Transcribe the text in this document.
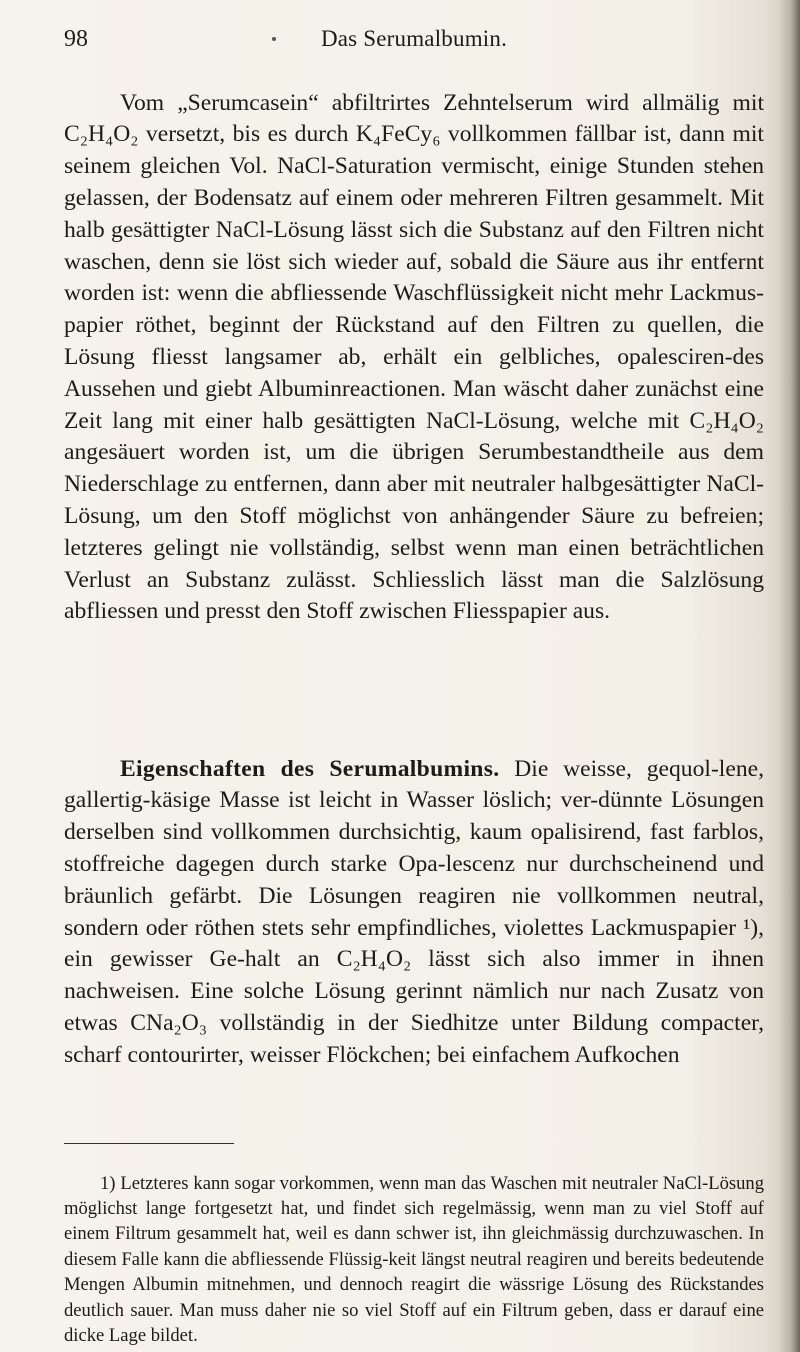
98	Das Serumalbumin.

Vom „Serumcasein“ abfiltrirtes Zehntelserum wird allmälig mit C₂H₄O₂ versetzt, bis es durch K₄FeCy₆ vollkommen fällbar ist, dann mit seinem gleichen Vol. NaCl-Saturation vermischt, einige Stunden stehen gelassen, der Bodensatz auf einem oder mehreren Filtren gesammelt. Mit halb gesättigter NaCl-Lösung lässt sich die Substanz auf den Filtren nicht waschen, denn sie löst sich wieder auf, sobald die Säure aus ihr entfernt worden ist: wenn die abfliessende Waschflüssigkeit nicht mehr Lackmus-papier röthet, beginnt der Rückstand auf den Filtren zu quellen, die Lösung fliesst langsamer ab, erhält ein gelbliches, opalesciren-des Aussehen und giebt Albuminreactionen. Man wäscht daher zunächst eine Zeit lang mit einer halb gesättigten NaCl-Lösung, welche mit C₂H₄O₂ angesäuert worden ist, um die übrigen Serumbestandtheile aus dem Niederschlage zu entfernen, dann aber mit neutraler halbgesättigter NaCl-Lösung, um den Stoff möglichst von anhängender Säure zu befreien; letzteres gelingt nie vollständig, selbst wenn man einen beträchtlichen Verlust an Substanz zulässt. Schliesslich lässt man die Salzlösung abfliessen und presst den Stoff zwischen Fliesspapier aus.

Eigenschaften des Serumalbumins. Die weisse, gequol-lene, gallertig-käsige Masse ist leicht in Wasser löslich; ver-dünnte Lösungen derselben sind vollkommen durchsichtig, kaum opalisirend, fast farblos, stoffreiche dagegen durch starke Opa-lescenz nur durchscheinend und bräunlich gefärbt. Die Lösungen reagiren nie vollkommen neutral, sondern oder röthen stets sehr empfindliches, violettes Lackmuspapier ¹), ein gewisser Ge-halt an C₂H₄O₂ lässt sich also immer in ihnen nachweisen. Eine solche Lösung gerinnt nämlich nur nach Zusatz von etwas CNa₂O₃ vollständig in der Siedhitze unter Bildung compacter, scharf contourirter, weisser Flöckchen; bei einfachem Aufkochen

1) Letzteres kann sogar vorkommen, wenn man das Waschen mit neutraler NaCl-Lösung möglichst lange fortgesetzt hat, und findet sich regelmässig, wenn man zu viel Stoff auf einem Filtrum gesammelt hat, weil es dann schwer ist, ihn gleichmässig durchzuwaschen. In diesem Falle kann die abfliessende Flüssig-keit längst neutral reagiren und bereits bedeutende Mengen Albumin mitnehmen, und dennoch reagirt die wässrige Lösung des Rückstandes deutlich sauer. Man muss daher nie so viel Stoff auf ein Filtrum geben, dass er darauf eine dicke Lage bildet.
